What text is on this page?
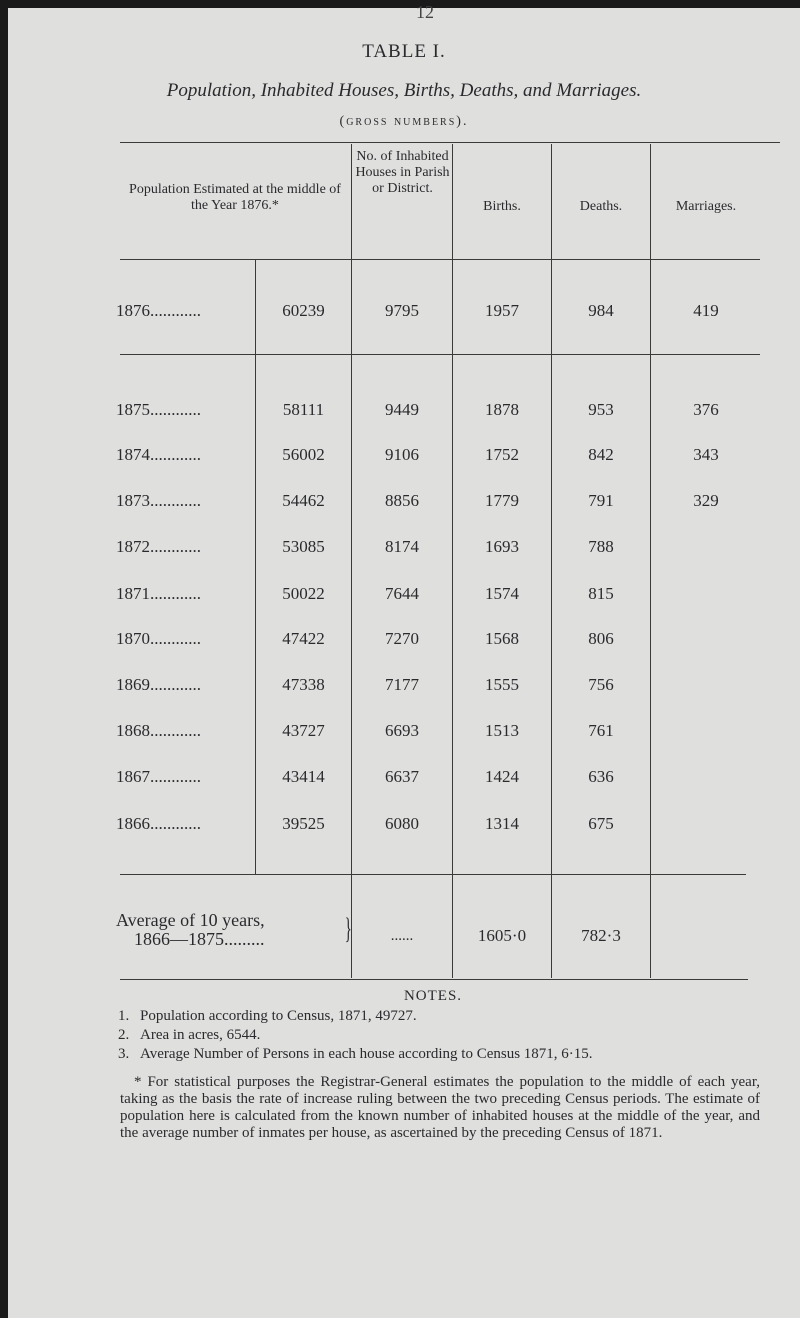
12
TABLE I.
Population, Inhabited Houses, Births, Deaths, and Marriages.
(gross numbers).
Population Estimated at the middle of the Year 1876.*
No. of Inhabited Houses in Parish or District.
Births.	Deaths.	Marriages.
1876............	60239	9795	1957	984	419
1875............	58111	9449	1878	953	376
1874............	56002	9106	1752	842	343
1873............	54462	8856	1779	791	329
1872............	53085	8174	1693	788
1871............	50022	7644	1574	815
1870............	47422	7270	1568	806
1869............	47338	7177	1555	756
1868............	43727	6693	1513	761
1867............	43414	6637	1424	636
1866............	39525	6080	1314	675
Average of 10 years,
1866—1875.........	}	......	1605·0	782·3
NOTES.
1. Population according to Census, 1871, 49727.
2. Area in acres, 6544.
3. Average Number of Persons in each house according to Census 1871, 6·15.
* For statistical purposes the Registrar-General estimates the population to the middle of each year, taking as the basis the rate of increase ruling between the two preceding Census periods. The estimate of population here is calculated from the known number of inhabited houses at the middle of the year, and the average number of inmates per house, as ascertained by the preceding Census of 1871.
